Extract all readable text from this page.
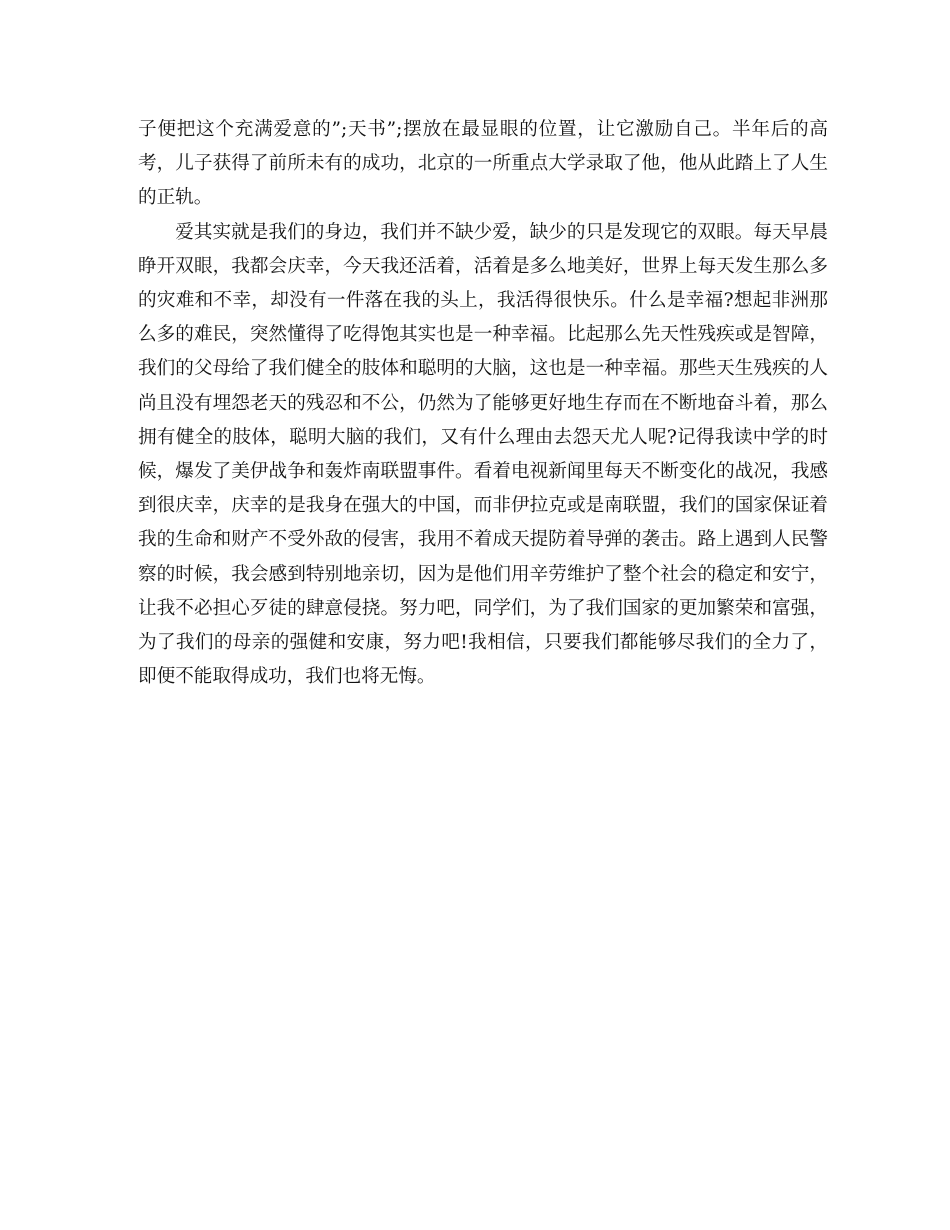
子便把这个充满爱意的”;天书”;摆放在最显眼的位置，让它激励自己。半年后的高考，儿子获得了前所未有的成功，北京的一所重点大学录取了他，他从此踏上了人生的正轨。

爱其实就是我们的身边，我们并不缺少爱，缺少的只是发现它的双眼。每天早晨睁开双眼，我都会庆幸，今天我还活着，活着是多么地美好，世界上每天发生那么多的灾难和不幸，却没有一件落在我的头上，我活得很快乐。什么是幸福?想起非洲那么多的难民，突然懂得了吃得饱其实也是一种幸福。比起那么先天性残疾或是智障，我们的父母给了我们健全的肢体和聪明的大脑，这也是一种幸福。那些天生残疾的人尚且没有埋怨老天的残忍和不公，仍然为了能够更好地生存而在不断地奋斗着，那么拥有健全的肢体，聪明大脑的我们，又有什么理由去怨天尤人呢?记得我读中学的时候，爆发了美伊战争和轰炸南联盟事件。看着电视新闻里每天不断变化的战况，我感到很庆幸，庆幸的是我身在强大的中国，而非伊拉克或是南联盟，我们的国家保证着我的生命和财产不受外敌的侵害，我用不着成天提防着导弹的袭击。路上遇到人民警察的时候，我会感到特别地亲切，因为是他们用辛劳维护了整个社会的稳定和安宁，让我不必担心歹徒的肆意侵挠。努力吧，同学们，为了我们国家的更加繁荣和富强，为了我们的母亲的强健和安康，努力吧!我相信，只要我们都能够尽我们的全力了，即便不能取得成功，我们也将无悔。
